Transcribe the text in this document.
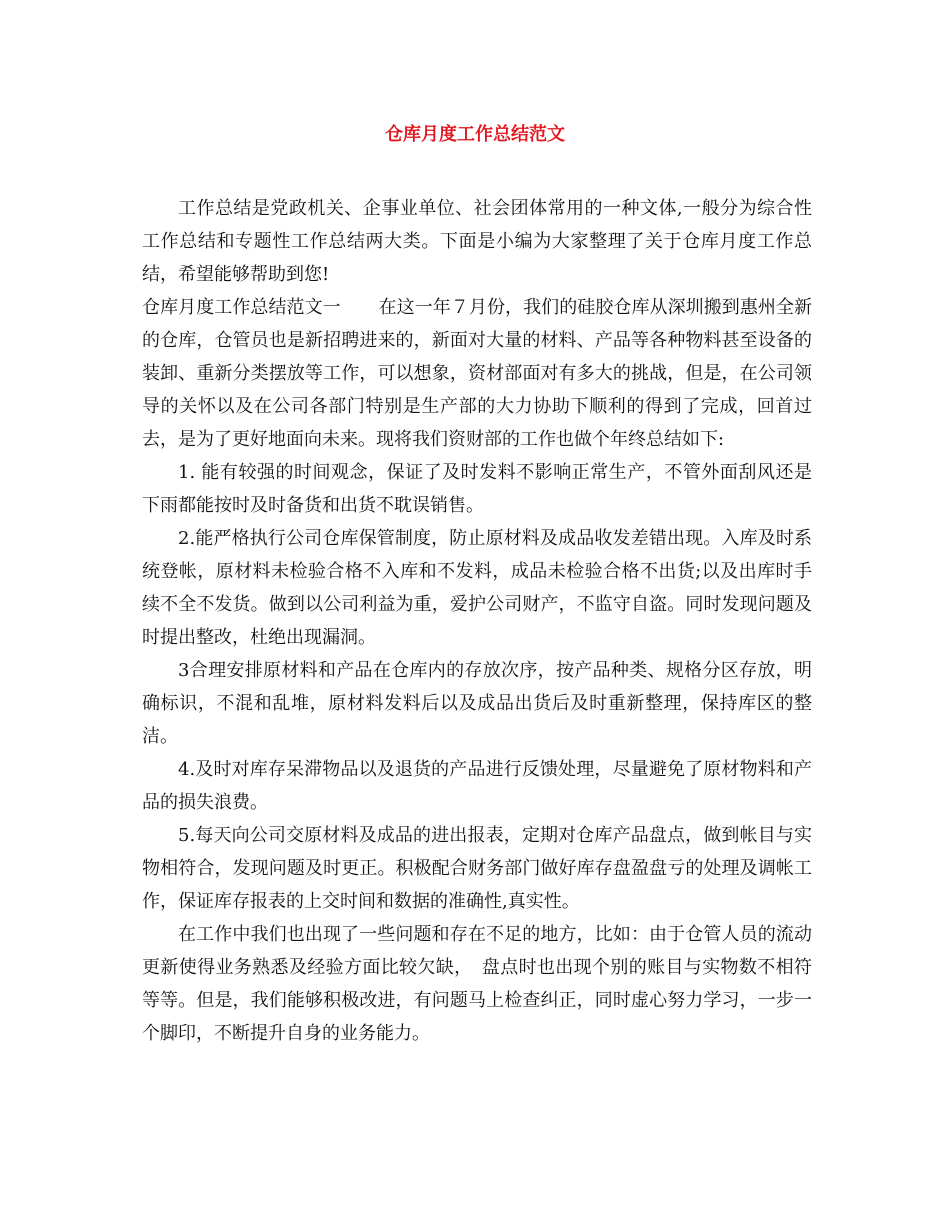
仓库月度工作总结范文

工作总结是党政机关、企事业单位、社会团体常用的一种文体,一般分为综合性工作总结和专题性工作总结两大类。下面是小编为大家整理了关于仓库月度工作总结，希望能够帮助到您!

仓库月度工作总结范文一 在这一年７月份，我们的硅胶仓库从深圳搬到惠州全新的仓库，仓管员也是新招聘进来的，新面对大量的材料、产品等各种物料甚至设备的装卸、重新分类摆放等工作，可以想象，资材部面对有多大的挑战，但是，在公司领导的关怀以及在公司各部门特别是生产部的大力协助下顺利的得到了完成，回首过去，是为了更好地面向未来。现将我们资财部的工作也做个年终总结如下:

1. 能有较强的时间观念，保证了及时发料不影响正常生产，不管外面刮风还是下雨都能按时及时备货和出货不耽误销售。

2.能严格执行公司仓库保管制度，防止原材料及成品收发差错出现。入库及时系统登帐，原材料未检验合格不入库和不发料，成品未检验合格不出货;以及出库时手续不全不发货。做到以公司利益为重，爱护公司财产，不监守自盗。同时发现问题及时提出整改，杜绝出现漏洞。

3合理安排原材料和产品在仓库内的存放次序，按产品种类、规格分区存放，明确标识，不混和乱堆，原材料发料后以及成品出货后及时重新整理，保持库区的整洁。

4.及时对库存呆滞物品以及退货的产品进行反馈处理，尽量避免了原材物料和产品的损失浪费。

5.每天向公司交原材料及成品的进出报表，定期对仓库产品盘点，做到帐目与实物相符合，发现问题及时更正。积极配合财务部门做好库存盘盈盘亏的处理及调帐工作，保证库存报表的上交时间和数据的准确性,真实性。

在工作中我们也出现了一些问题和存在不足的地方，比如：由于仓管人员的流动更新使得业务熟悉及经验方面比较欠缺，　盘点时也出现个别的账目与实物数不相符等等。但是，我们能够积极改进，有问题马上检查纠正，同时虚心努力学习，一步一个脚印，不断提升自身的业务能力。
